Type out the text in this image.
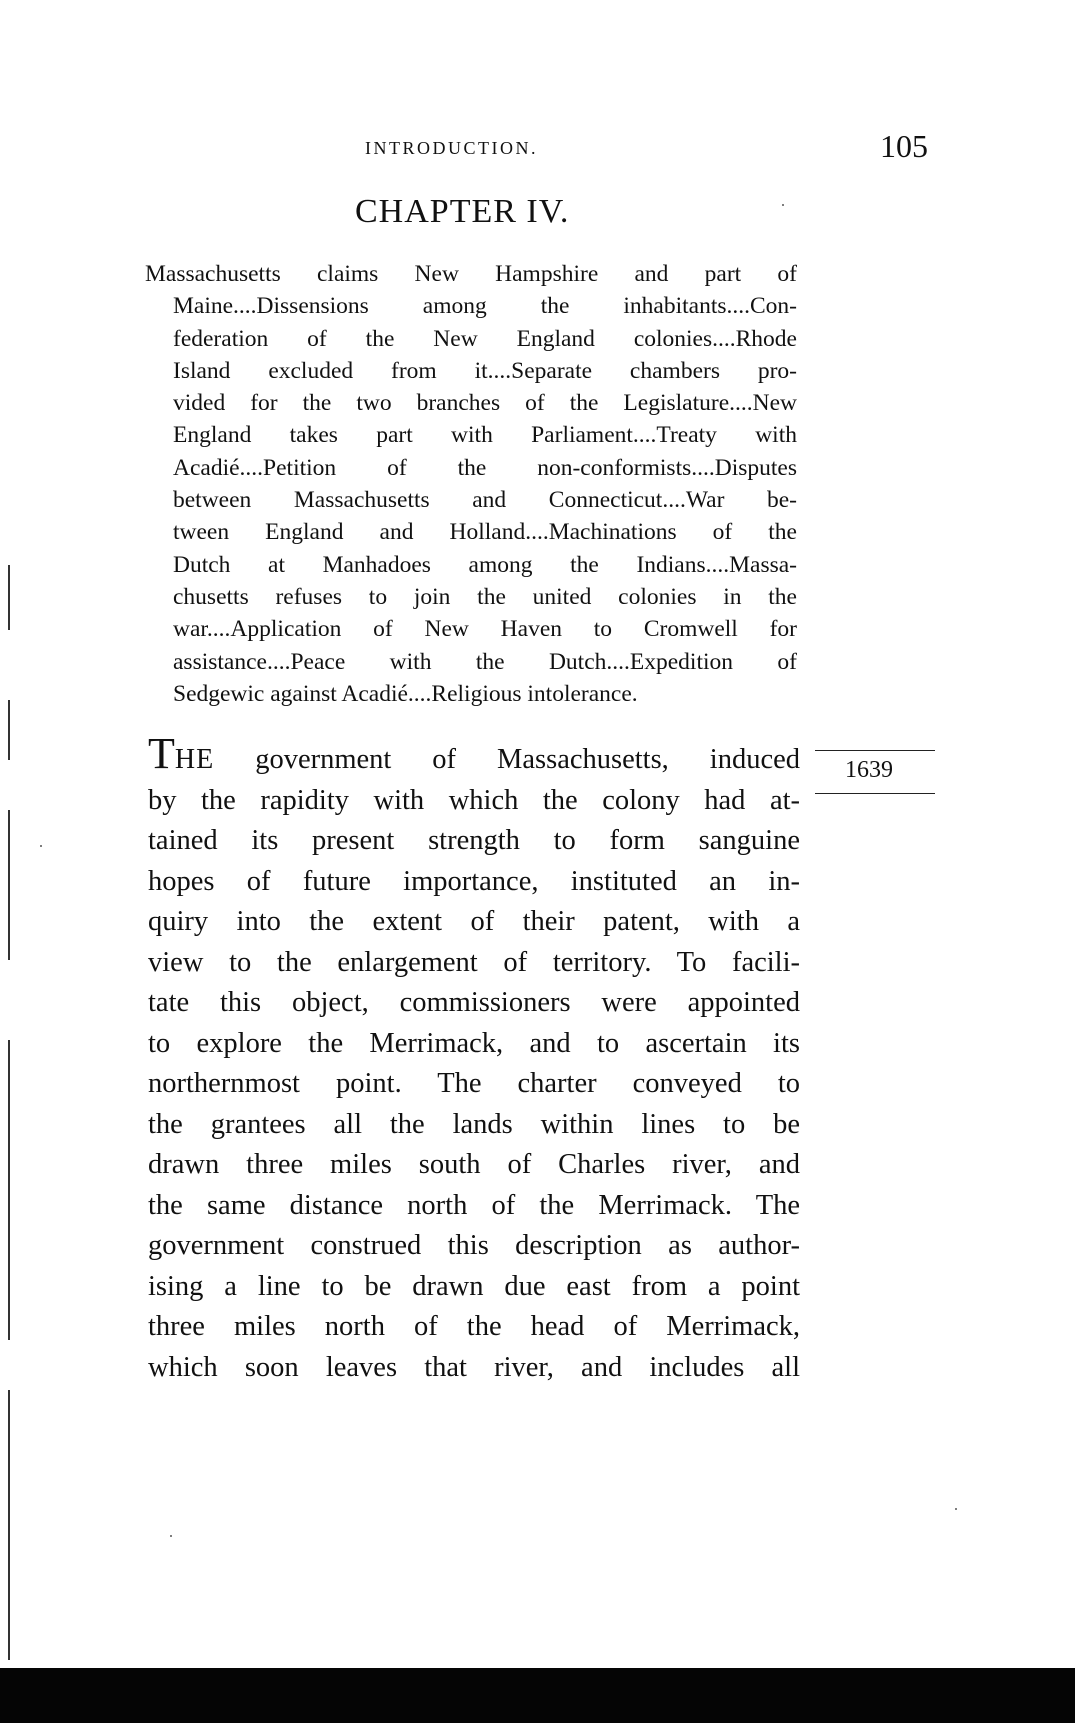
INTRODUCTION.	105
CHAPTER IV.
Massachusetts claims New Hampshire and part of
Maine....Dissensions among the inhabitants....Con-
federation of the New England colonies....Rhode
Island excluded from it....Separate chambers pro-
vided for the two branches of the Legislature....New
England takes part with Parliament....Treaty with
Acadié....Petition of the non-conformists....Disputes
between Massachusetts and Connecticut....War be-
tween England and Holland....Machinations of the
Dutch at Manhadoes among the Indians....Massa-
chusetts refuses to join the united colonies in the
war....Application of New Haven to Cromwell for
assistance....Peace with the Dutch....Expedition of
Sedgewic against Acadié....Religious intolerance.
1639
THE government of Massachusetts, induced
by the rapidity with which the colony had at-
tained its present strength to form sanguine
hopes of future importance, instituted an in-
quiry into the extent of their patent, with a
view to the enlargement of territory. To facili-
tate this object, commissioners were appointed
to explore the Merrimack, and to ascertain its
northernmost point. The charter conveyed to
the grantees all the lands within lines to be
drawn three miles south of Charles river, and
the same distance north of the Merrimack. The
government construed this description as author-
ising a line to be drawn due east from a point
three miles north of the head of Merrimack,
which soon leaves that river, and includes all
